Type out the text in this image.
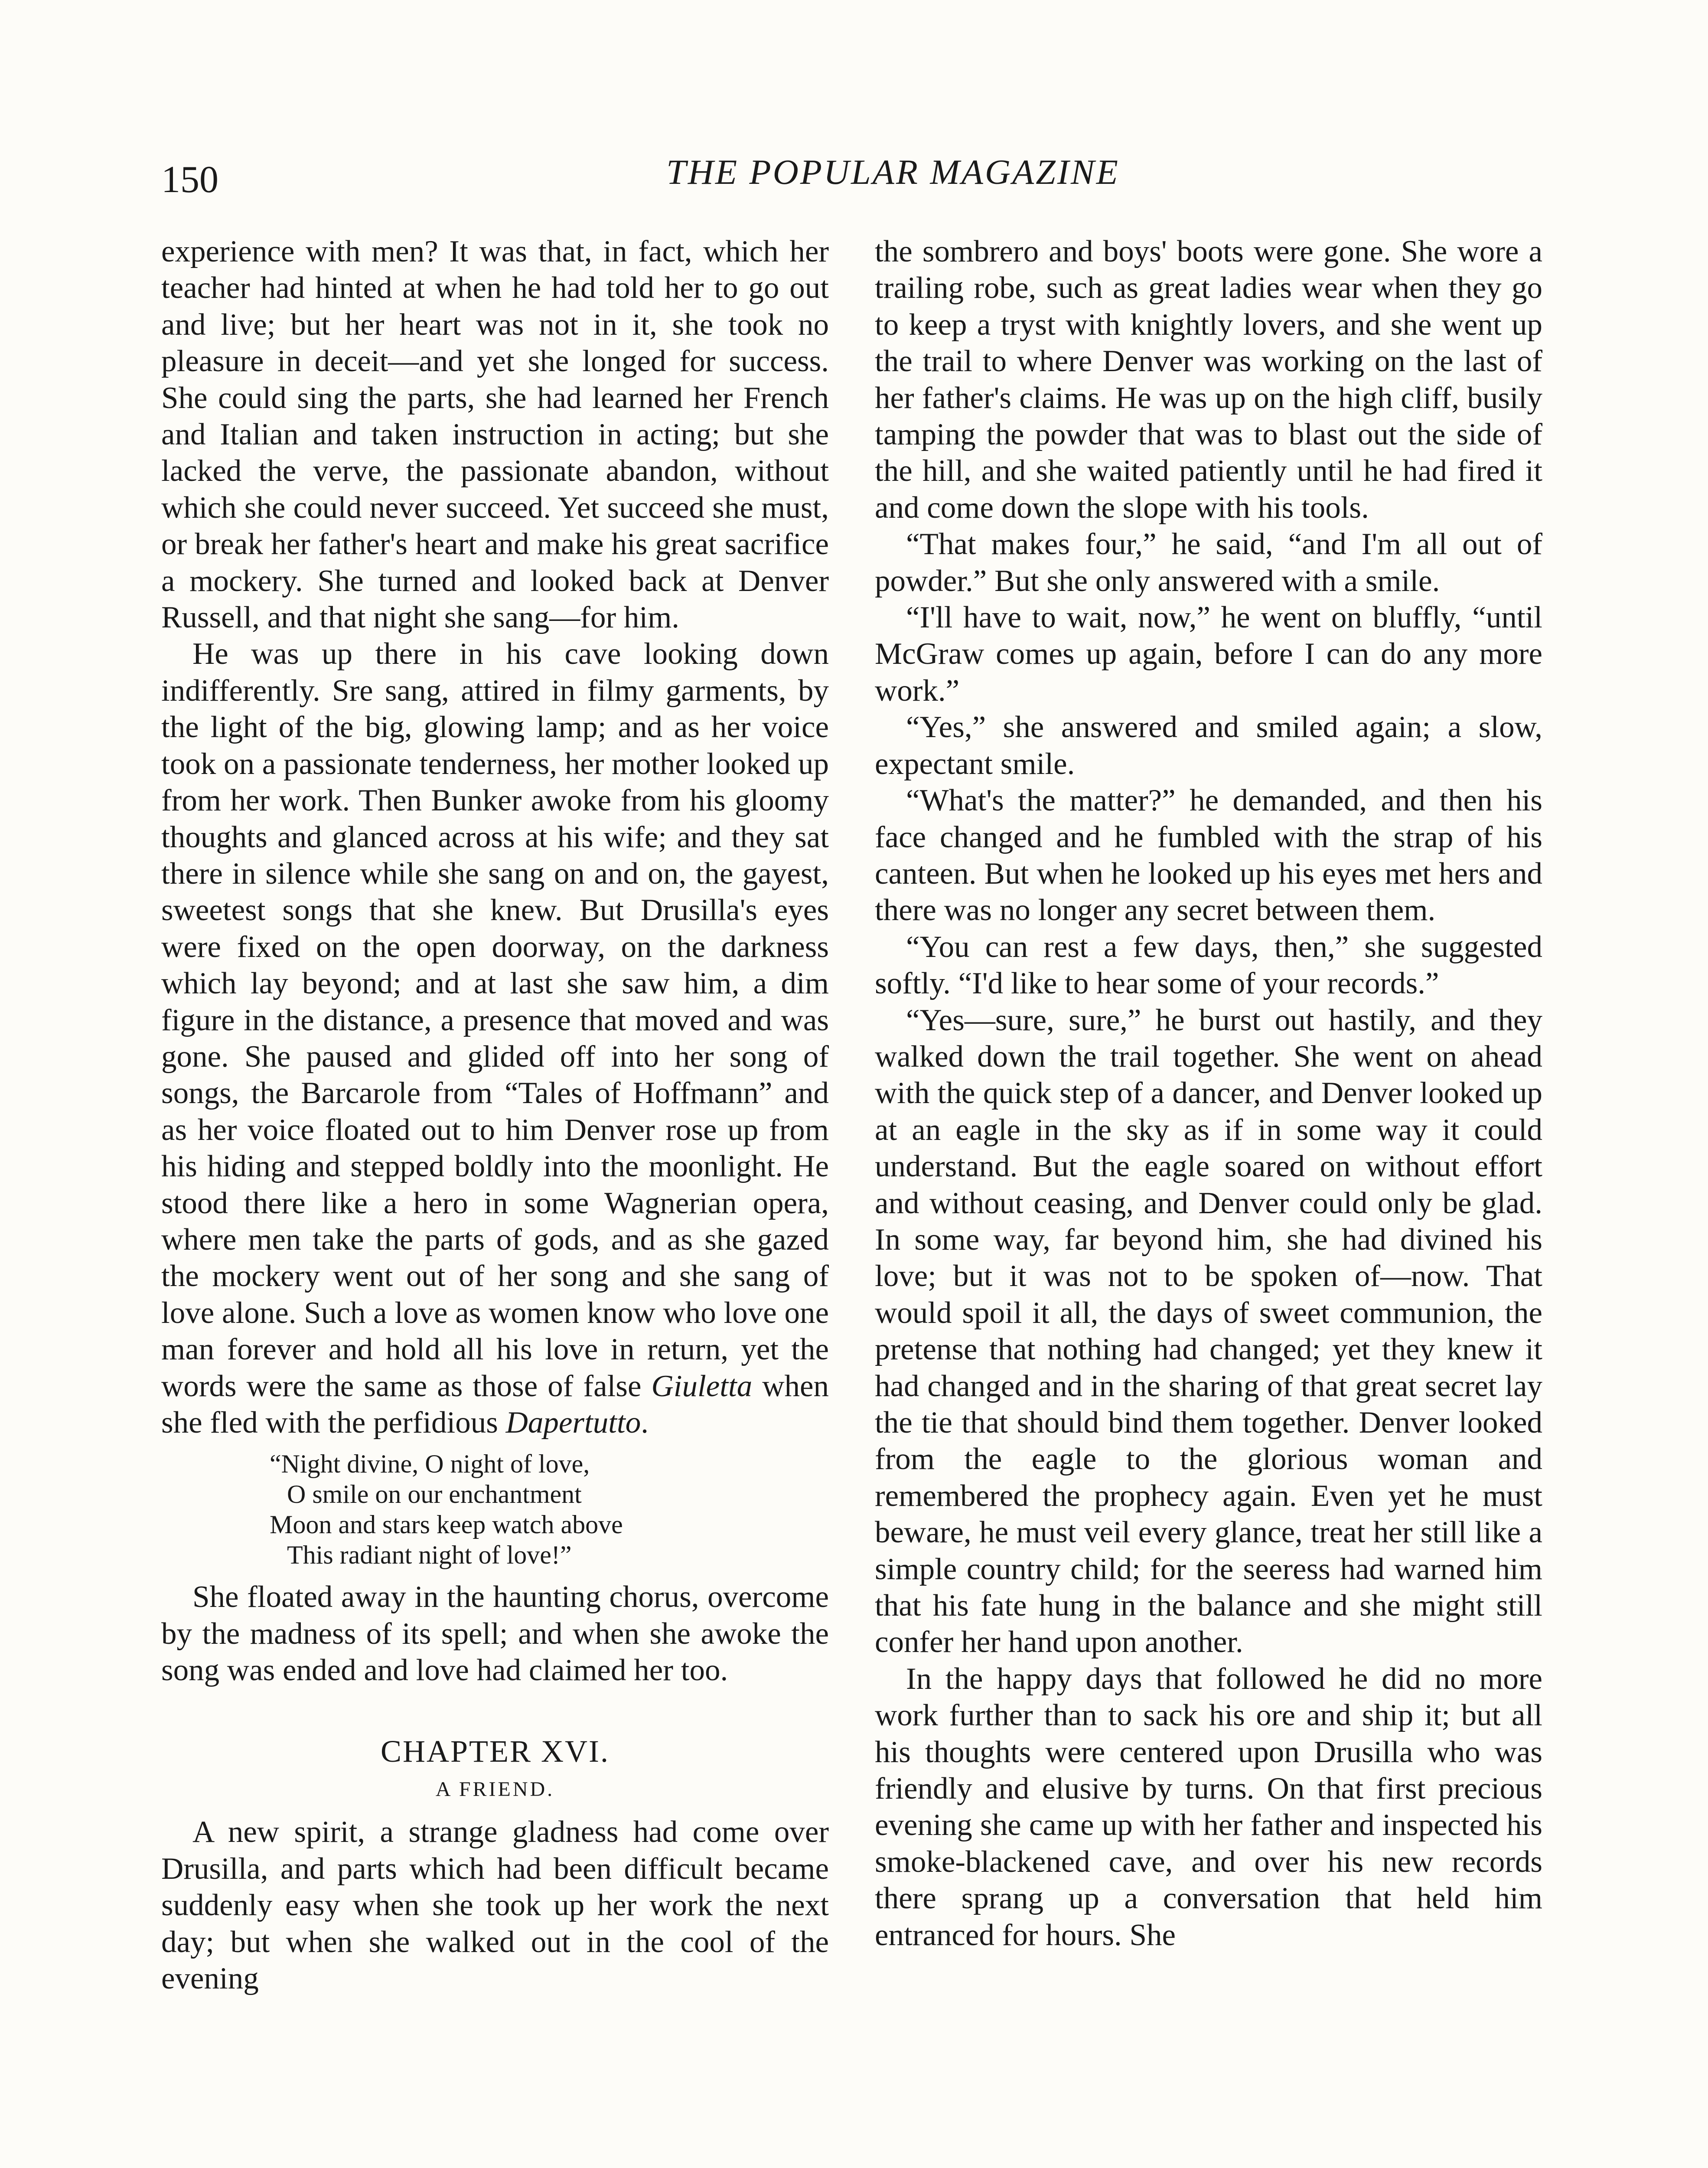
150	THE POPULAR MAGAZINE

experience with men? It was that, in fact, which her teacher had hinted at when he had told her to go out and live; but her heart was not in it, she took no pleasure in deceit—and yet she longed for success. She could sing the parts, she had learned her French and Italian and taken instruction in acting; but she lacked the verve, the passionate abandon, without which she could never succeed. Yet succeed she must, or break her father's heart and make his great sacrifice a mockery. She turned and looked back at Denver Russell, and that night she sang—for him.

He was up there in his cave looking down indifferently. Sre sang, attired in filmy garments, by the light of the big, glowing lamp; and as her voice took on a passionate tenderness, her mother looked up from her work. Then Bunker awoke from his gloomy thoughts and glanced across at his wife; and they sat there in silence while she sang on and on, the gayest, sweetest songs that she knew. But Drusilla's eyes were fixed on the open doorway, on the darkness which lay beyond; and at last she saw him, a dim figure in the distance, a presence that moved and was gone. She paused and glided off into her song of songs, the Barcarole from “Tales of Hoffmann” and as her voice floated out to him Denver rose up from his hiding and stepped boldly into the moonlight. He stood there like a hero in some Wagnerian opera, where men take the parts of gods, and as she gazed the mockery went out of her song and she sang of love alone. Such a love as women know who love one man forever and hold all his love in return, yet the words were the same as those of false Giuletta when she fled with the perfidious Dapertutto.

“Night divine, O night of love,
O smile on our enchantment
Moon and stars keep watch above
This radiant night of love!”

She floated away in the haunting chorus, overcome by the madness of its spell; and when she awoke the song was ended and love had claimed her too.

CHAPTER XVI.
A FRIEND.

A new spirit, a strange gladness had come over Drusilla, and parts which had been difficult became suddenly easy when she took up her work the next day; but when she walked out in the cool of the evening

the sombrero and boys' boots were gone. She wore a trailing robe, such as great ladies wear when they go to keep a tryst with knightly lovers, and she went up the trail to where Denver was working on the last of her father's claims. He was up on the high cliff, busily tamping the powder that was to blast out the side of the hill, and she waited patiently until he had fired it and come down the slope with his tools.

“That makes four,” he said, “and I'm all out of powder.” But she only answered with a smile.

“I'll have to wait, now,” he went on bluffly, “until McGraw comes up again, before I can do any more work.”

“Yes,” she answered and smiled again; a slow, expectant smile.

“What's the matter?” he demanded, and then his face changed and he fumbled with the strap of his canteen. But when he looked up his eyes met hers and there was no longer any secret between them.

“You can rest a few days, then,” she suggested softly. “I'd like to hear some of your records.”

“Yes—sure, sure,” he burst out hastily, and they walked down the trail together. She went on ahead with the quick step of a dancer, and Denver looked up at an eagle in the sky as if in some way it could understand. But the eagle soared on without effort and without ceasing, and Denver could only be glad. In some way, far beyond him, she had divined his love; but it was not to be spoken of—now. That would spoil it all, the days of sweet communion, the pretense that nothing had changed; yet they knew it had changed and in the sharing of that great secret lay the tie that should bind them together. Denver looked from the eagle to the glorious woman and remembered the prophecy again. Even yet he must beware, he must veil every glance, treat her still like a simple country child; for the seeress had warned him that his fate hung in the balance and she might still confer her hand upon another.

In the happy days that followed he did no more work further than to sack his ore and ship it; but all his thoughts were centered upon Drusilla who was friendly and elusive by turns. On that first precious evening she came up with her father and inspected his smoke-blackened cave, and over his new records there sprang up a conversation that held him entranced for hours. She
